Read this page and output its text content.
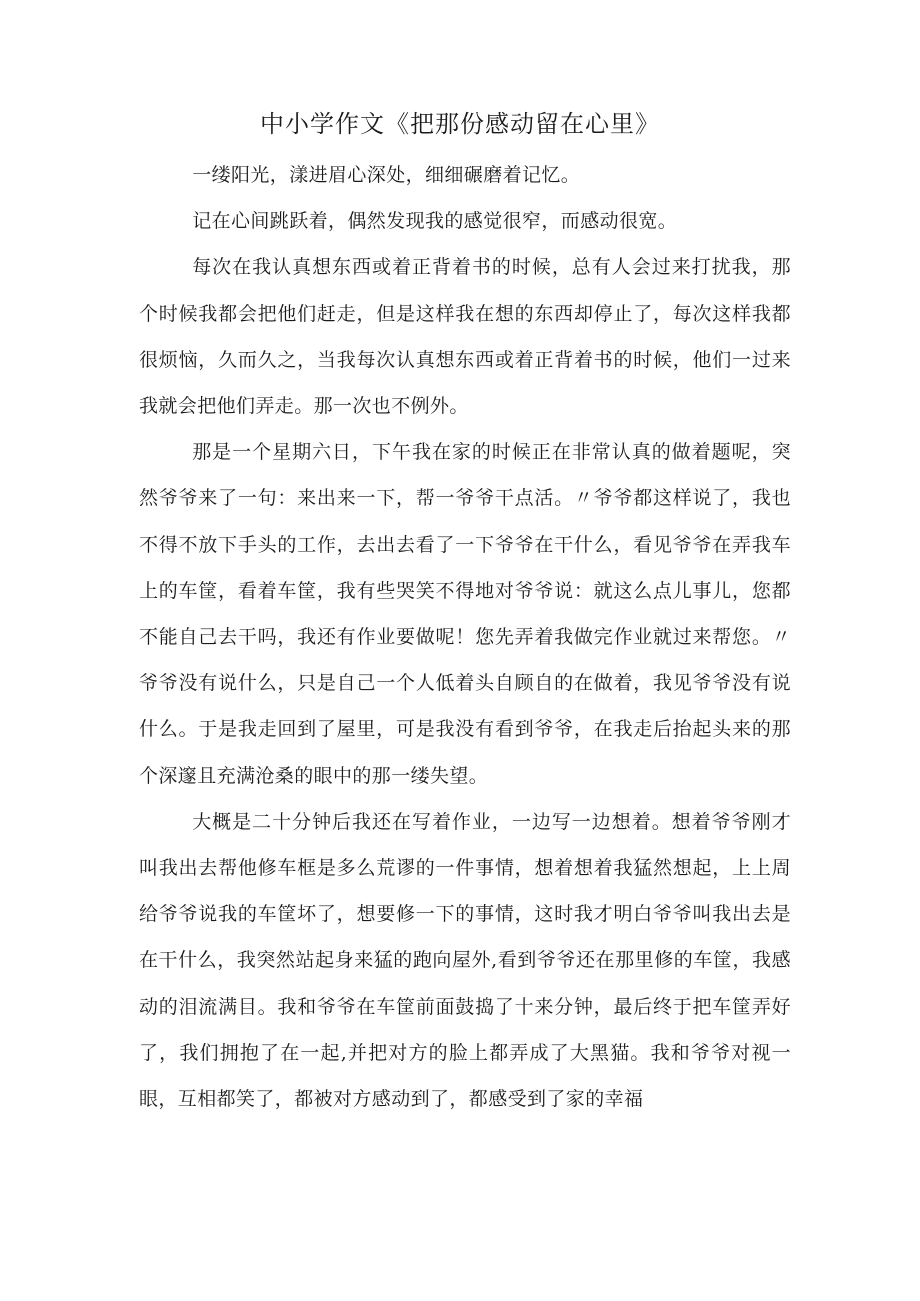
中小学作文《把那份感动留在心里》

一缕阳光，漾进眉心深处，细细碾磨着记忆。

记在心间跳跃着，偶然发现我的感觉很窄，而感动很宽。

每次在我认真想东西或着正背着书的时候，总有人会过来打扰我，那个时候我都会把他们赶走，但是这样我在想的东西却停止了，每次这样我都很烦恼，久而久之，当我每次认真想东西或着正背着书的时候，他们一过来我就会把他们弄走。那一次也不例外。

那是一个星期六日，下午我在家的时候正在非常认真的做着题呢，突然爷爷来了一句：来出来一下，帮一爷爷干点活。〃爷爷都这样说了，我也不得不放下手头的工作，去出去看了一下爷爷在干什么，看见爷爷在弄我车上的车筐，看着车筐，我有些哭笑不得地对爷爷说：就这么点儿事儿，您都不能自己去干吗，我还有作业要做呢！您先弄着我做完作业就过来帮您。〃爷爷没有说什么，只是自己一个人低着头自顾自的在做着，我见爷爷没有说什么。于是我走回到了屋里，可是我没有看到爷爷，在我走后抬起头来的那个深邃且充满沧桑的眼中的那一缕失望。

大概是二十分钟后我还在写着作业，一边写一边想着。想着爷爷刚才叫我出去帮他修车框是多么荒谬的一件事情，想着想着我猛然想起，上上周给爷爷说我的车筐坏了，想要修一下的事情，这时我才明白爷爷叫我出去是在干什么，我突然站起身来猛的跑向屋外,看到爷爷还在那里修的车筐，我感动的泪流满目。我和爷爷在车筐前面鼓捣了十来分钟，最后终于把车筐弄好了，我们拥抱了在一起,并把对方的脸上都弄成了大黑猫。我和爷爷对视一眼，互相都笑了，都被对方感动到了，都感受到了家的幸福
